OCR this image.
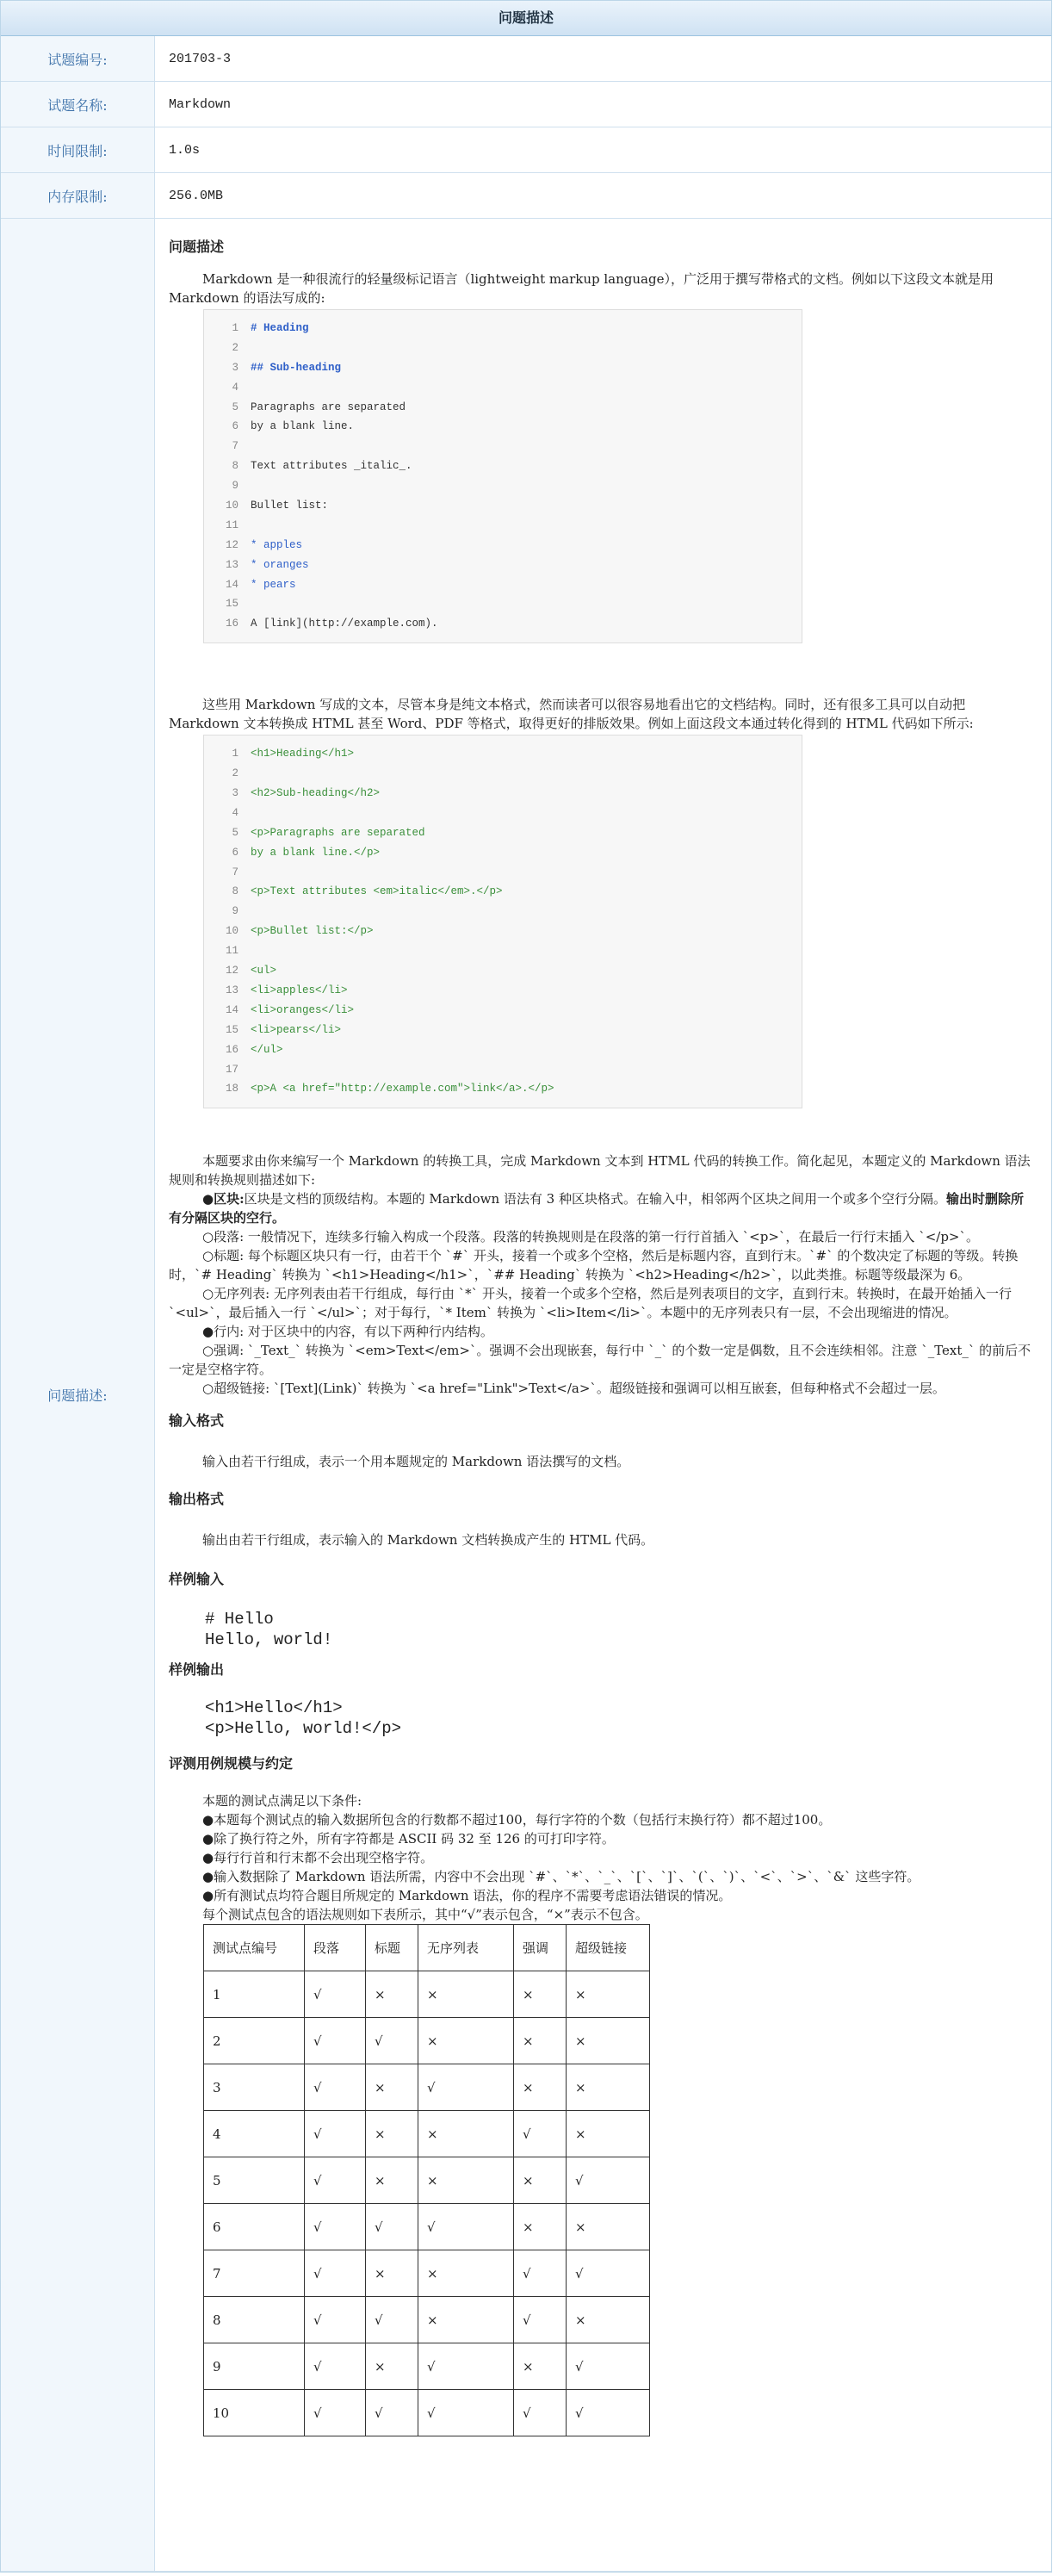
问题描述
试题编号:	201703-3
试题名称:	Markdown
时间限制:	1.0s
内存限制:	256.0MB
问题描述:
问题描述

Markdown 是一种很流行的轻量级标记语言（lightweight markup language），广泛用于撰写带格式的文档。例如以下这段文本就是用 Markdown 的语法写成的:

1	# Heading
2
3	## Sub-heading
4
5	Paragraphs are separated
6	by a blank line.
7
8	Text attributes _italic_.
9
10	Bullet list:
11
12	* apples
13	* oranges
14	* pears
15
16	A [link](http://example.com).

这些用 Markdown 写成的文本，尽管本身是纯文本格式，然而读者可以很容易地看出它的文档结构。同时，还有很多工具可以自动把 Markdown 文本转换成 HTML 甚至 Word、PDF 等格式，取得更好的排版效果。例如上面这段文本通过转化得到的 HTML 代码如下所示:

1	<h1>Heading</h1>
2
3	<h2>Sub-heading</h2>
4
5	<p>Paragraphs are separated
6	by a blank line.</p>
7
8	<p>Text attributes <em>italic</em>.</p>
9
10	<p>Bullet list:</p>
11
12	<ul>
13	<li>apples</li>
14	<li>oranges</li>
15	<li>pears</li>
16	</ul>
17
18	<p>A <a href="http://example.com">link</a>.</p>

本题要求由你来编写一个 Markdown 的转换工具，完成 Markdown 文本到 HTML 代码的转换工作。简化起见，本题定义的 Markdown 语法规则和转换规则描述如下:

●区块:区块是文档的顶级结构。本题的 Markdown 语法有 3 种区块格式。在输入中，相邻两个区块之间用一个或多个空行分隔。输出时删除所有分隔区块的空行。

○段落: 一般情况下，连续多行输入构成一个段落。段落的转换规则是在段落的第一行行首插入 `<p>`，在最后一行行末插入 `</p>`。

○标题: 每个标题区块只有一行，由若干个 `#` 开头，接着一个或多个空格，然后是标题内容，直到行末。`#` 的个数决定了标题的等级。转换时，`# Heading` 转换为 `<h1>Heading</h1>`，`## Heading` 转换为 `<h2>Heading</h2>`，以此类推。标题等级最深为 6。

○无序列表: 无序列表由若干行组成，每行由 `*` 开头，接着一个或多个空格，然后是列表项目的文字，直到行末。转换时，在最开始插入一行 `<ul>`，最后插入一行 `</ul>`；对于每行，`* Item` 转换为 `<li>Item</li>`。本题中的无序列表只有一层，不会出现缩进的情况。

●行内: 对于区块中的内容，有以下两种行内结构。

○强调: `_Text_` 转换为 `<em>Text</em>`。强调不会出现嵌套，每行中 `_` 的个数一定是偶数，且不会连续相邻。注意 `_Text_` 的前后不一定是空格字符。

○超级链接: `[Text](Link)` 转换为 `<a href="Link">Text</a>`。超级链接和强调可以相互嵌套，但每种格式不会超过一层。

输入格式

输入由若干行组成，表示一个用本题规定的 Markdown 语法撰写的文档。

输出格式

输出由若干行组成，表示输入的 Markdown 文档转换成产生的 HTML 代码。

样例输入
# Hello
Hello, world!
样例输出
<h1>Hello</h1>
<p>Hello, world!</p>
评测用例规模与约定

本题的测试点满足以下条件:

●本题每个测试点的输入数据所包含的行数都不超过100，每行字符的个数（包括行末换行符）都不超过100。

●除了换行符之外，所有字符都是 ASCII 码 32 至 126 的可打印字符。

●每行行首和行末都不会出现空格字符。

●输入数据除了 Markdown 语法所需，内容中不会出现 `#`、`*`、`_`、`[`、`]`、`(`、`)`、`<`、`>`、`&` 这些字符。

●所有测试点均符合题目所规定的 Markdown 语法，你的程序不需要考虑语法错误的情况。

每个测试点包含的语法规则如下表所示，其中“√”表示包含，“×”表示不包含。

测试点编号	段落	标题	无序列表	强调	超级链接
1	√	×	×	×	×
2	√	√	×	×	×
3	√	×	√	×	×
4	√	×	×	√	×
5	√	×	×	×	√
6	√	√	√	×	×
7	√	×	×	√	√
8	√	√	×	√	×
9	√	×	√	×	√
10	√	√	√	√	√
